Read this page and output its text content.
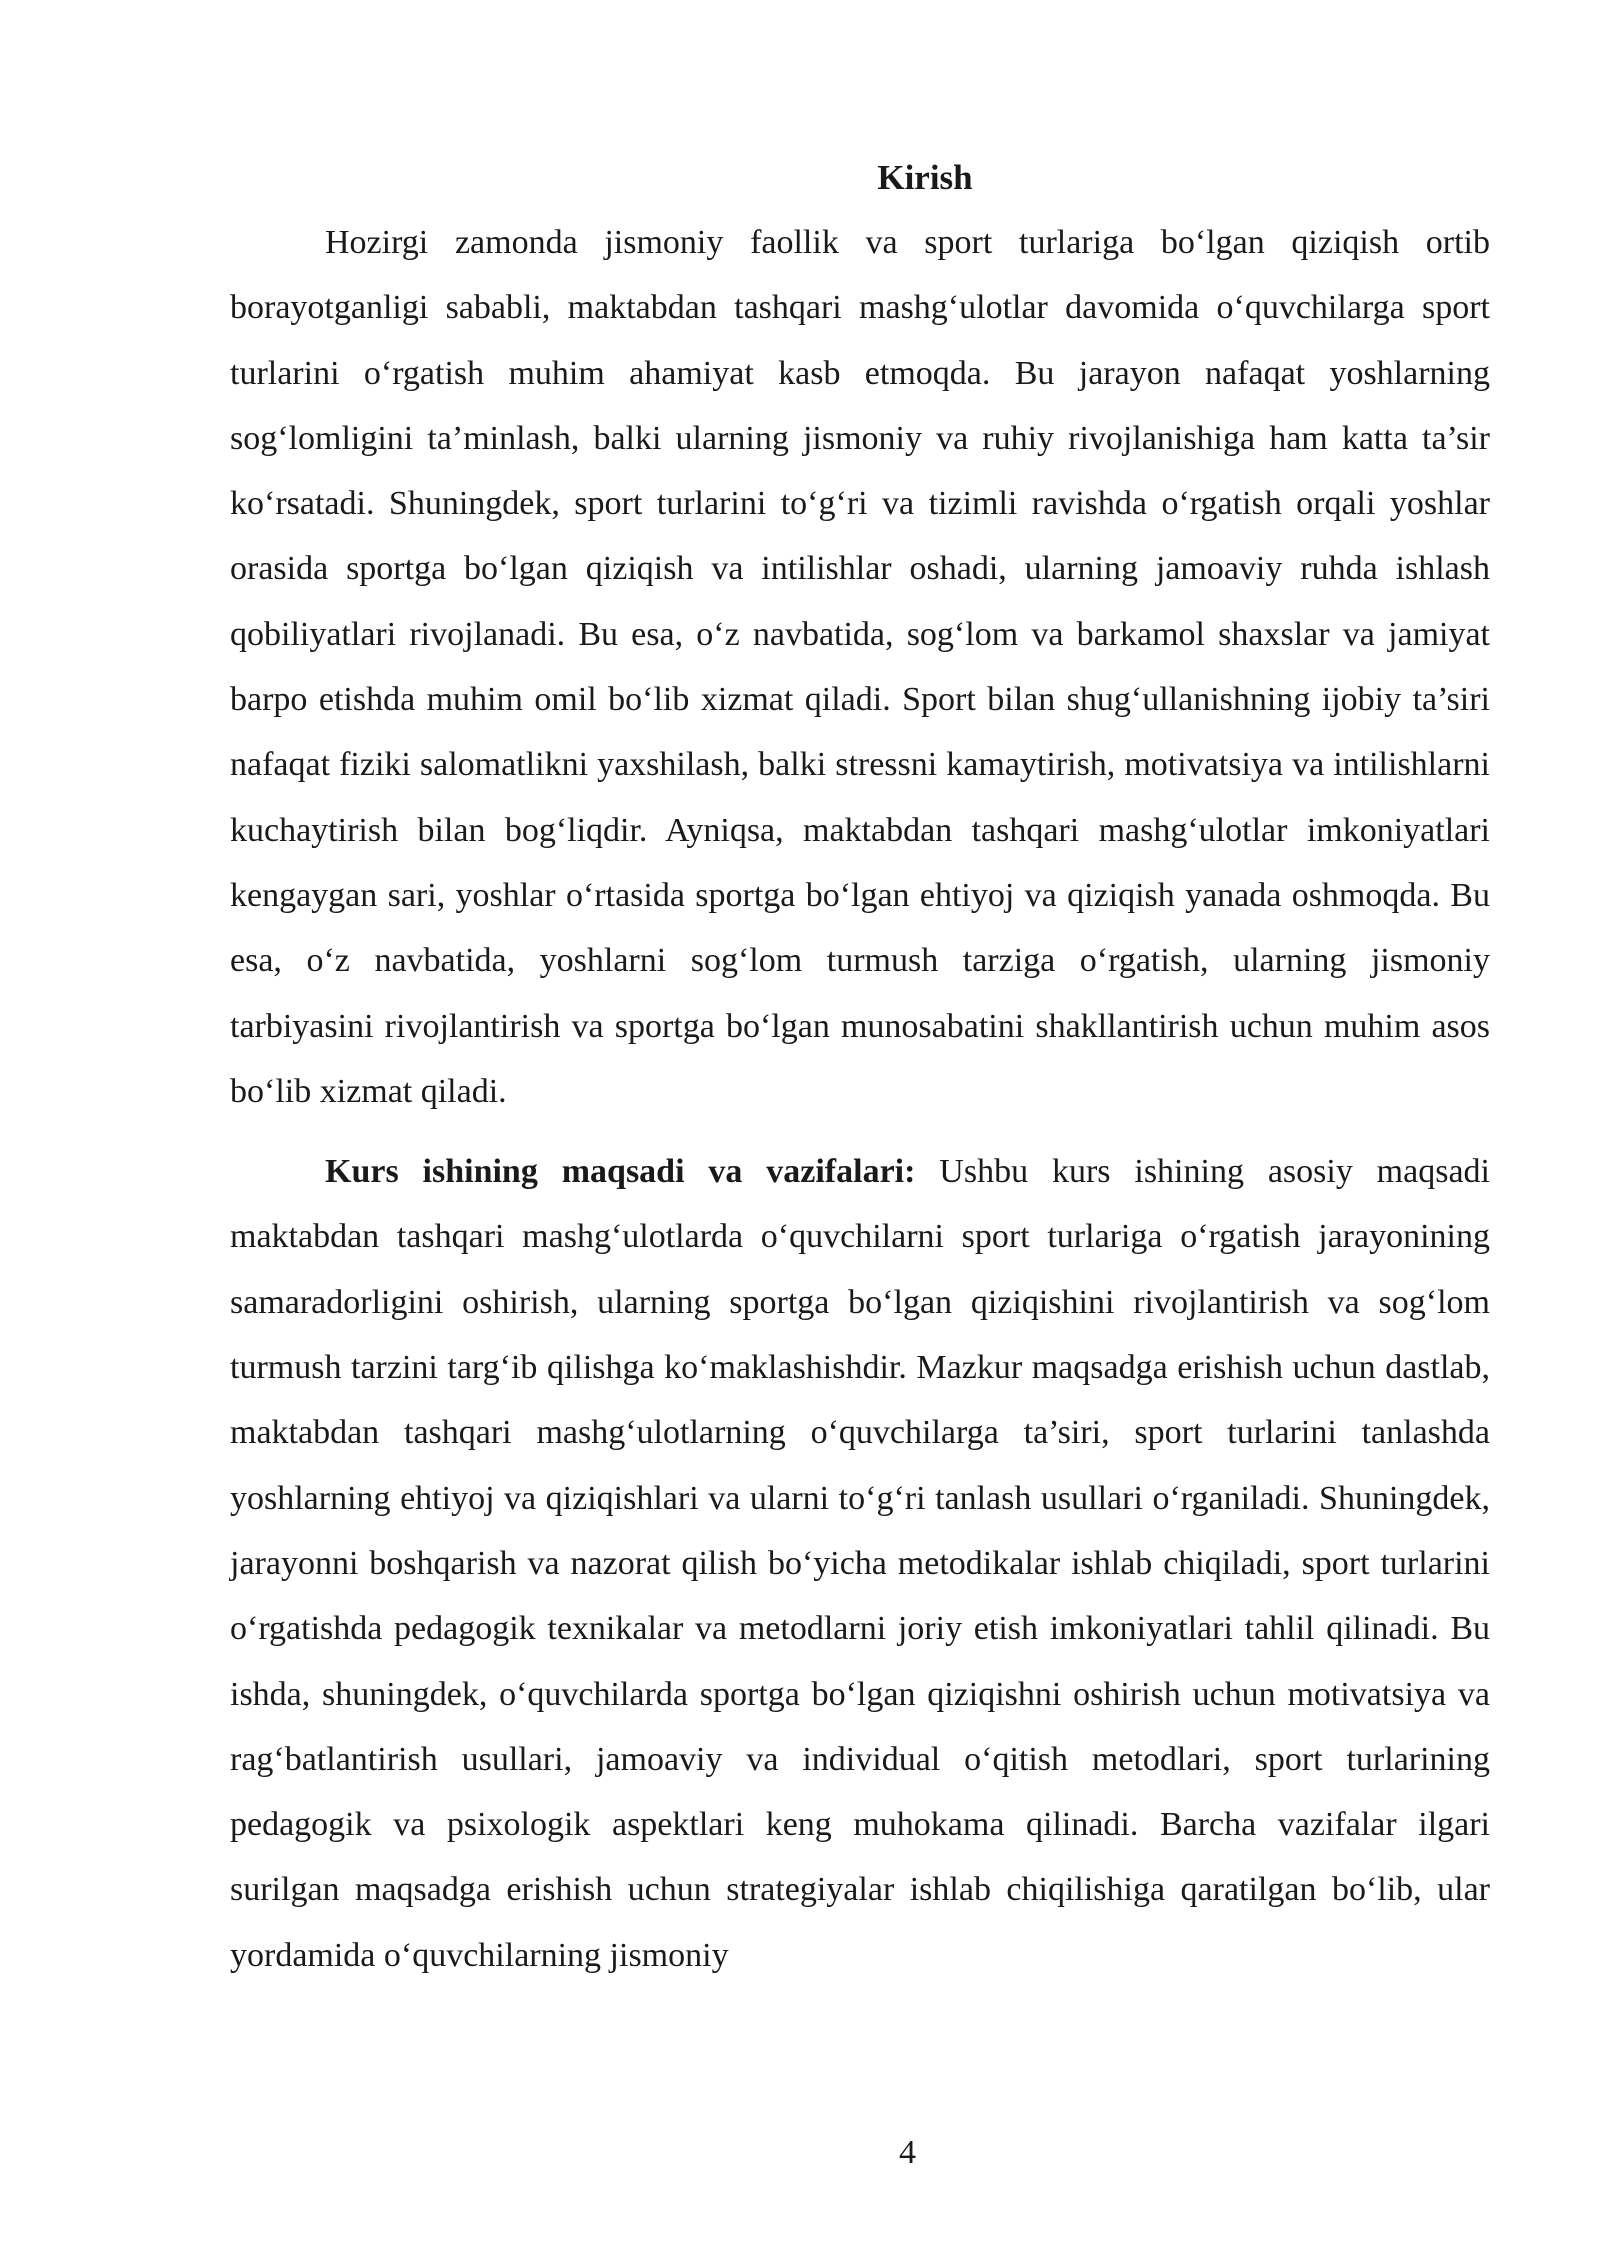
Kirish

Hozirgi zamonda jismoniy faollik va sport turlariga bo‘lgan qiziqish ortib borayotganligi sababli, maktabdan tashqari mashg‘ulotlar davomida o‘quvchilarga sport turlarini o‘rgatish muhim ahamiyat kasb etmoqda. Bu jarayon nafaqat yoshlarning sog‘lomligini ta’minlash, balki ularning jismoniy va ruhiy rivojlanishiga ham katta ta’sir ko‘rsatadi. Shuningdek, sport turlarini to‘g‘ri va tizimli ravishda o‘rgatish orqali yoshlar orasida sportga bo‘lgan qiziqish va intilishlar oshadi, ularning jamoaviy ruhda ishlash qobiliyatlari rivojlanadi. Bu esa, o‘z navbatida, sog‘lom va barkamol shaxslar va jamiyat barpo etishda muhim omil bo‘lib xizmat qiladi. Sport bilan shug‘ullanishning ijobiy ta’siri nafaqat fiziki salomatlikni yaxshilash, balki stressni kamaytirish, motivatsiya va intilishlarni kuchaytirish bilan bog‘liqdir. Ayniqsa, maktabdan tashqari mashg‘ulotlar imkoniyatlari kengaygan sari, yoshlar o‘rtasida sportga bo‘lgan ehtiyoj va qiziqish yanada oshmoqda. Bu esa, o‘z navbatida, yoshlarni sog‘lom turmush tarziga o‘rgatish, ularning jismoniy tarbiyasini rivojlantirish va sportga bo‘lgan munosabatini shakllantirish uchun muhim asos bo‘lib xizmat qiladi.

Kurs ishining maqsadi va vazifalari: Ushbu kurs ishining asosiy maqsadi maktabdan tashqari mashg‘ulotlarda o‘quvchilarni sport turlariga o‘rgatish jarayonining samaradorligini oshirish, ularning sportga bo‘lgan qiziqishini rivojlantirish va sog‘lom turmush tarzini targ‘ib qilishga ko‘maklashishdir. Mazkur maqsadga erishish uchun dastlab, maktabdan tashqari mashg‘ulotlarning o‘quvchilarga ta’siri, sport turlarini tanlashda yoshlarning ehtiyoj va qiziqishlari va ularni to‘g‘ri tanlash usullari o‘rganiladi. Shuningdek, jarayonni boshqarish va nazorat qilish bo‘yicha metodikalar ishlab chiqiladi, sport turlarini o‘rgatishda pedagogik texnikalar va metodlarni joriy etish imkoniyatlari tahlil qilinadi. Bu ishda, shuningdek, o‘quvchilarda sportga bo‘lgan qiziqishni oshirish uchun motivatsiya va rag‘batlantirish usullari, jamoaviy va individual o‘qitish metodlari, sport turlarining pedagogik va psixologik aspektlari keng muhokama qilinadi. Barcha vazifalar ilgari surilgan maqsadga erishish uchun strategiyalar ishlab chiqilishiga qaratilgan bo‘lib, ular yordamida o‘quvchilarning jismoniy

4
